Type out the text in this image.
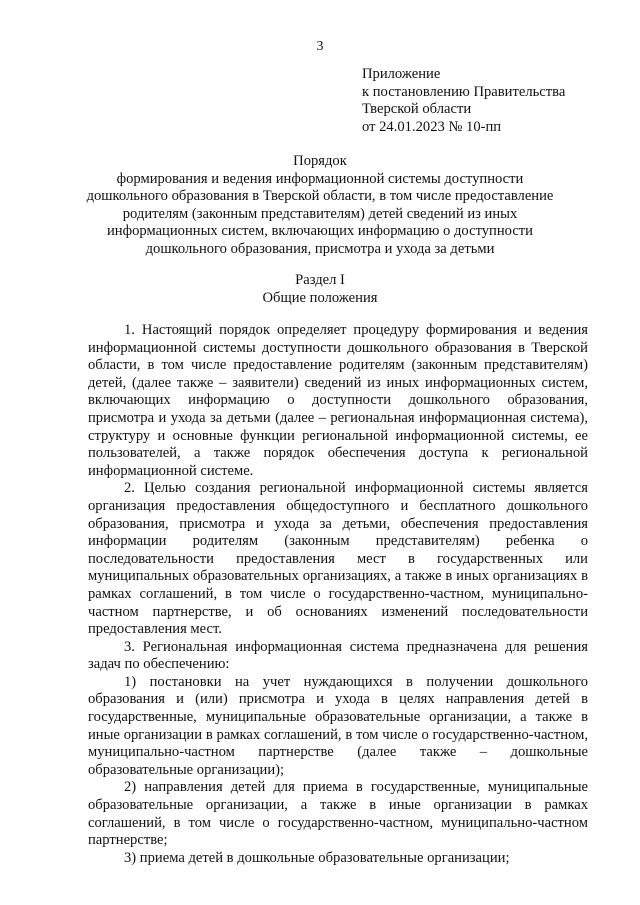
3
Приложение
к постановлению Правительства
Тверской области
от 24.01.2023 № 10-пп
Порядок
формирования и ведения информационной системы доступности дошкольного образования в Тверской области, в том числе предоставление родителям (законным представителям) детей сведений из иных информационных систем, включающих информацию о доступности дошкольного образования, присмотра и ухода за детьми
Раздел I
Общие положения

1. Настоящий порядок определяет процедуру формирования и ведения информационной системы доступности дошкольного образования в Тверской области, в том числе предоставление родителям (законным представителям) детей, (далее также – заявители) сведений из иных информационных систем, включающих информацию о доступности дошкольного образования, присмотра и ухода за детьми (далее – региональная информационная система), структуру и основные функции региональной информационной системы, ее пользователей, а также порядок обеспечения доступа к региональной информационной системе.

2. Целью создания региональной информационной системы является организация предоставления общедоступного и бесплатного дошкольного образования, присмотра и ухода за детьми, обеспечения предоставления информации родителям (законным представителям) ребенка о последовательности предоставления мест в государственных или муниципальных образовательных организациях, а также в иных организациях в рамках соглашений, в том числе о государственно-частном, муниципально-частном партнерстве, и об основаниях изменений последовательности предоставления мест.

3. Региональная информационная система предназначена для решения задач по обеспечению:

1) постановки на учет нуждающихся в получении дошкольного образования и (или) присмотра и ухода в целях направления детей в государственные, муниципальные образовательные организации, а также в иные организации в рамках соглашений, в том числе о государственно-частном, муниципально-частном партнерстве (далее также – дошкольные образовательные организации);

2) направления детей для приема в государственные, муниципальные образовательные организации, а также в иные организации в рамках соглашений, в том числе о государственно-частном, муниципально-частном партнерстве;

3) приема детей в дошкольные образовательные организации;
